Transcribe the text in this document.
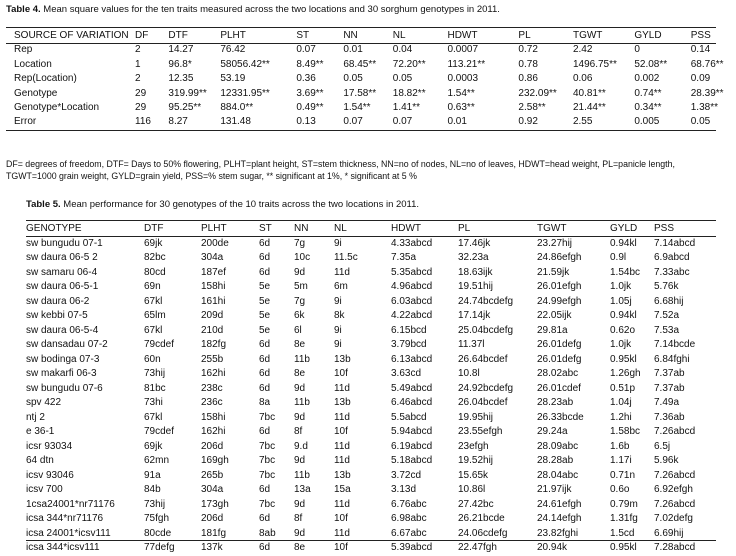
Table 4. Mean square values for the ten traits measured across the two locations and 30 sorghum genotypes in 2011.
SOURCE OF VARIATION	DF	DTF	PLHT	ST	NN	NL	HDWT	PL	TGWT	GYLD	PSS
Rep	2	14.27	76.42	0.07	0.01	0.04	0.0007	0.72	2.42	0	0.14
Location	1	96.8*	58056.42**	8.49**	68.45**	72.20**	113.21**	0.78	1496.75**	52.08**	68.76**
Rep(Location)	2	12.35	53.19	0.36	0.05	0.05	0.0003	0.86	0.06	0.002	0.09
Genotype	29	319.99**	12331.95**	3.69**	17.58**	18.82**	1.54**	232.09**	40.81**	0.74**	28.39**
Genotype*Location	29	95.25**	884.0**	0.49**	1.54**	1.41**	0.63**	2.58**	21.44**	0.34**	1.38**
Error	116	8.27	131.48	0.13	0.07	0.07	0.01	0.92	2.55	0.005	0.05
DF= degrees of freedom, DTF= Days to 50% flowering, PLHT=plant height, ST=stem thickness, NN=no of nodes, NL=no of leaves, HDWT=head weight, PL=panicle length,
TGWT=1000 grain weight, GYLD=grain yield, PSS=% stem sugar, ** significant at 1%, * significant at 5 %
Table 5. Mean performance for 30 genotypes of the 10 traits across the two locations in 2011.
GENOTYPE	DTF	PLHT	ST	NN	NL	HDWT	PL	TGWT	GYLD	PSS
sw bungudu 07-1	69jk	200de	6d	7g	9i	4.33abcd	17.46jk	23.27hij	0.94kl	7.14abcd
sw daura 06-5 2	82bc	304a	6d	10c	11.5c	7.35a	32.23a	24.86efgh	0.9l	6.9abcd
sw samaru 06-4	80cd	187ef	6d	9d	11d	5.35abcd	18.63ijk	21.59jk	1.54bc	7.33abc
sw daura 06-5-1	69n	158hi	5e	5m	6m	4.96abcd	19.51hij	26.01efgh	1.0jk	5.76k
sw daura 06-2	67kl	161hi	5e	7g	9i	6.03abcd	24.74bcdefg	24.99efgh	1.05j	6.68hij
sw kebbi 07-5	65lm	209d	5e	6k	8k	4.22abcd	17.14jk	22.05ijk	0.94kl	7.52a
sw daura 06-5-4	67kl	210d	5e	6l	9i	6.15bcd	25.04bcdefg	29.81a	0.62o	7.53a
sw dansadau 07-2	79cdef	182fg	6d	8e	9i	3.79bcd	11.37l	26.01defg	1.0jk	7.14bcde
sw bodinga 07-3	60n	255b	6d	11b	13b	6.13abcd	26.64bcdef	26.01defg	0.95kl	6.84fghi
sw makarfi 06-3	73hij	162hi	6d	8e	10f	3.63cd	10.8l	28.02abc	1.26gh	7.37ab
sw bungudu 07-6	81bc	238c	6d	9d	11d	5.49abcd	24.92bcdefg	26.01cdef	0.51p	7.37ab
spv 422	73hi	236c	8a	11b	13b	6.46abcd	26.04bcdef	28.23ab	1.04j	7.49a
ntj 2	67kl	158hi	7bc	9d	11d	5.5abcd	19.95hij	26.33bcde	1.2hi	7.36ab
e 36-1	79cdef	162hi	6d	8f	10f	5.94abcd	23.55efgh	29.24a	1.58bc	7.26abcd
icsr 93034	69jk	206d	7bc	9.d	11d	6.19abcd	23efgh	28.09abc	1.6b	6.5j
64 dtn	62mn	169gh	7bc	9d	11d	5.18abcd	19.52hij	28.28ab	1.17i	5.96k
icsv 93046	91a	265b	7bc	11b	13b	3.72cd	15.65k	28.04abc	0.71n	7.26abcd
icsv 700	84b	304a	6d	13a	15a	3.13d	10.86l	21.97ijk	0.6o	6.92efgh
1csa24001*nr71176	73hij	173gh	7bc	9d	11d	6.76abc	27.42bc	24.61efgh	0.79m	7.26abcd
icsa 344*nr71176	75fgh	206d	6d	8f	10f	6.98abc	26.21bcde	24.14efgh	1.31fg	7.02defg
icsa 24001*icsv111	80cde	181fg	8ab	9d	11d	6.67abc	24.06cdefg	23.82fghi	1.5cd	6.69hij
icsa 344*icsv111	77defg	137k	6d	8e	10f	5.39abcd	22.47fgh	20.94k	0.95kl	7.28abcd
